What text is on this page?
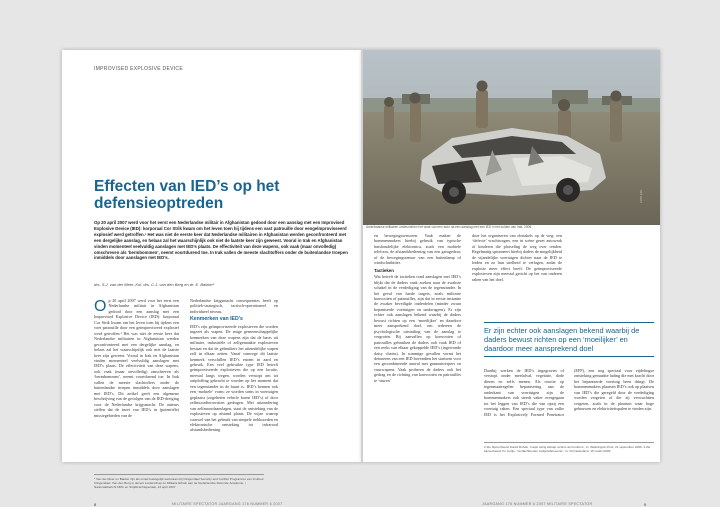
IMPROVISED EXPLOSIVE DEVICE
Effecten van IED’s op het defensieoptreden
Op 20 april 2007 werd voor het eerst een Nederlandse militair in Afghanistan gedood door een aanslag met een Improvised Explosive Device (IED): korporaal Cor Strik kwam om het leven toen hij tijdens een vast patrouille door eengelmprovisseerd explosief werd getroffen.¹ Het was niet de eerste keer dat Nederlandse militairen in Afghanistan werden geconfronteerd met een dergelijke aanslag, en helaas zal het waarschijnlijk ook niet de laatste keer zijn geweest. Vooral in Irak en Afghanistan vinden momenteel veelvuldig aanslagen met IED’s plaats. De effectiviteit van deze wapens, ook vaak (maar onvolledig) omschreven als ‘bermbommen’, neemt voortdurend toe. In Irak vallen de meeste slachtoffers onder de buitenlandse troepen inmiddels door aanslagen met IED’s.
drs. S.J. van der Meer, Kol. drs. C.J. van den Berg en dr. E. Bakker*

Op 20 april 2007 werd voor het eerst een Nederlandse militair in Afghanistan gedood door een aanslag met een Improvised Explosive Device (IED): korporaal Cor Strik kwam om het leven toen hij tijdens een voet patrouille door een geimproviseerd explosief werd getroffen.¹ Het was niet de eerste keer dat Nederlandse militairen in Afghanistan werden geconfronteerd met een dergelijke aanslag, en helaas zal het waarschijnlijk ook niet de laatste keer zijn geweest. Vooral in Irak en Afghanistan vinden momenteel veelvuldig aanslagen met IED’s plaats. De effectiviteit van deze wapens, ook vaak (maar onvolledig) omschreven als ‘bermbommen’, neemt voortdurend toe. In Irak vallen de meeste slachtoffers onder de buitenlandse troepen inmiddels door aanslagen met IED’s. Dit artikel geeft een algemene beschrijving van de gevolgen van de IED-dreiging voor de Nederlandse krijgsmacht. De auteurs stellen dat de inzet van IED’s in (potentiële) missiegebieden van de

Nederlandse krijgsmacht consequenties heeft op politiek-strategisch, tactisch-operationeel en individueel niveau.

Kenmerken van IED’s

IED’s zijn geïmproviseerde explosieven die worden ingezet als wapen. De enige gemeenschappelijke kenmerken van deze wapens zijn dat de basis uit militaire, industriële of zelfgemaakte explosieven bestaat en dat de gebruikers het uiteindelijke wapen zelf in elkaar zetten. Vanaf vanwege dit laatste kenmerk verschillen IED’s enorm in aard en gebruik. Een veel gebruikte type IED betreft geïmproviseerde explosieven die op een locatie, meestal langs wegen, worden verstopt om tot ontploffing gebracht te worden op het moment dat een tegenstander in de buurt is. IED’s kennen ook een ‘mobiele’ vorm; ze worden soms in voertuigen geplaatst (zogeheten vehicle borne IED’s) of door zelfmoordterroristen gedragen. Met uitzondering van zelfmoordaanslagen, staat de ontsteking van de explosieven op afstand plaats. De wijze waarop vaarwel van het gebruik van simpele trekkoorden en elektronische ontsteking tot infrarood afstandsbediening

* Van der Meer en Bakker zijn als onderzoeksgelijk werkzaam bij Clingendael Security and Conflict Programme van Instituut Clingendael. Van den Berg is docent Leiderschap en Militaire Ethiek aan de Nederlandse Defensie Academie. ¹ Nationaalbericht NRC en Strijdkrachtspeciaal, 24 april 2007.
8	MILITAIRE SPECTATOR JAARGANG 176 NUMMER 6 2007
FOTO EPA
Amerikaanse militairen onderzoeken het wrak van een auto na een aanslag met een IED in het zuiden van Irak, 2006

en bewegingssensoren. Vaak maken de bommenmakers hierbij gebruik van typische huishoudelijke elektronica, zoals een mobiele telefoon, de afstandsbediening van een garagedeur, of de bewegingssensor van een buitenlamp of windschutbitter.

Tactieken

Wat betreft de tactieken rond aanslagen met IED’s blijkt dat de daders vaak zoeken naar de zwakste schakel in de verdediging van de tegenstander. In het geval van harde targets, zoals militaire konvooien of patrouilles, zijn dat in eerste instantie de zwaker beveiligde onderdelen (minder zwaar bepantserde voertuigen en tankwagens). Er zijn echter ook aanslagen bekend waarbij de daders bewust richten op een ‘moeilijker’ en daardoor meer aansprekend doel, om iedereen de psychologische uitstraling van de aanslag te vergroten. Bij aanvallen op konvooien of patrouilles gebruiken de daders ook vaak IED of een reeks van elkaar gekoppelde IED’s (ingewonde daisy chains). In sommige gevallen vormt het detoneren van een IED bovendien het startsein voor een gecombineerde aanval met granaatwerpers en vuurwapens. Vaak proberen de daders ook het gedrag en de richting van konvooien en patrouilles te ‘sturen’

door het organiseren van obstakels op de weg: een ‘defecte’ vrachtwagen, een in scène gezet autowrak of kinderen die plotseling de weg over renden. Regelmatig spionneert hierbij daders de mogelijkheid de vijandelijke voertuigen dichter naar de IED te leiden en zo hun snelheid te verlagen, zodat de explosie meer effect heeft. De geïmproviseerde explosieven zijn meestal gericht op het van onderen raken van het doel.

Er zijn echter ook aanslagen bekend waarbij de daders bewust richten op een ‘moeilijker’ en daardoor meer aansprekend doel

Daarbij werken de IED’s ingegraven of verstopt onder meelafval, vegetatie, dode dieren en zelfs menen. Als reactie op tegenmaatregelen bepantsering aan de onderkant van voertuigen zijn de bommenmakers ook steeds vaker overgegaan tot het leggen van IED’s die van opzij een voertuig raken. Een speciaal type van zulke IED is het Explosively Formed Penetrator (EFP), een nog speciaal voor zijdelingse ontsteking gemaakte lading die met kracht door het bepantserde voertuig heen dringt. De bommenmakers plaatsen IED’s ook op plaatsen van IED’s die geregeld door de verdediging worden vergeten of die zij verwachtten vergeten, zoals in de plaatsen waar hoge gebouwen en elektriciteitspalen te vinden zijn.

2 Zie bijvoorbeeld: David Rohde, ‘Iraqis using kidnap victims as bombers’, in: Washington Post, 21 september 2006. 3 Zie bijvoorbeeld: Ko Colijn, ‘Verdachtheden zelfgefabriceerde’, in: Vrij Nederland, 15 maart 2006.
JAARGANG 176 NUMMER 6 2007 MILITAIRE SPECTATOR	9
